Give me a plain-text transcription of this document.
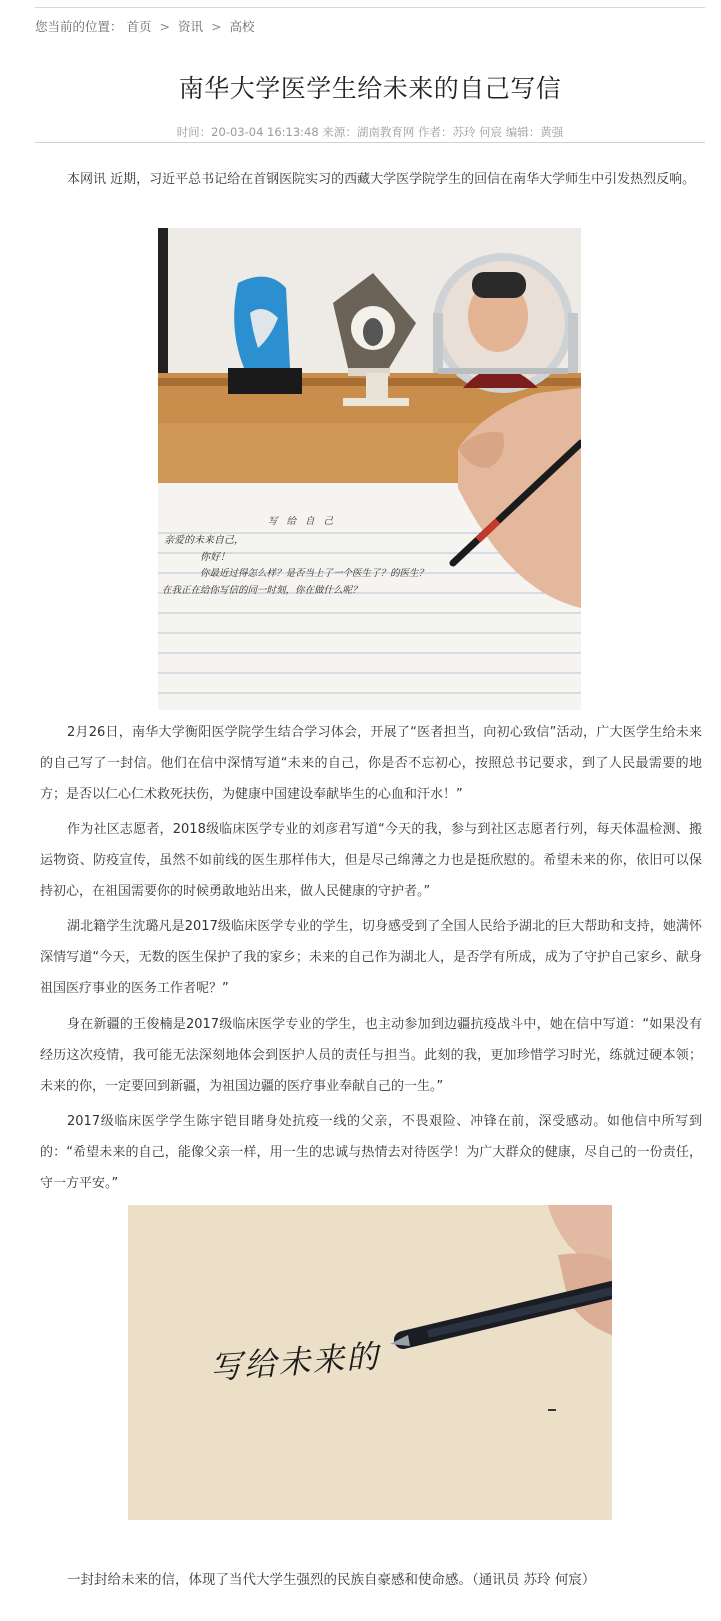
您当前的位置： 首页 > 资讯 > 高校
南华大学医学生给未来的自己写信
时间：20-03-04 16:13:48 来源：湖南教育网 作者：苏玲 何宸 编辑：黄强

本网讯 近期，习近平总书记给在首钢医院实习的西藏大学医学院学生的回信在南华大学师生中引发热烈反响。

写 给 自 己
亲爱的未来自己，
你好！
你最近过得怎么样？是否当上了一个医生了？的医生？
在我正在给你写信的同一时刻，你在做什么呢？

2月26日，南华大学衡阳医学院学生结合学习体会，开展了“医者担当，向初心致信”活动，广大医学生给未来的自己写了一封信。他们在信中深情写道“未来的自己，你是否不忘初心，按照总书记要求，到了人民最需要的地方；是否以仁心仁术救死扶伤，为健康中国建设奉献毕生的心血和汗水！”

作为社区志愿者，2018级临床医学专业的刘彦君写道“今天的我，参与到社区志愿者行列，每天体温检测、搬运物资、防疫宣传，虽然不如前线的医生那样伟大，但是尽己绵薄之力也是挺欣慰的。希望未来的你，依旧可以保持初心，在祖国需要你的时候勇敢地站出来，做人民健康的守护者。”

湖北籍学生沈璐凡是2017级临床医学专业的学生，切身感受到了全国人民给予湖北的巨大帮助和支持，她满怀深情写道“今天，无数的医生保护了我的家乡；未来的自己作为湖北人，是否学有所成，成为了守护自己家乡、献身祖国医疗事业的医务工作者呢？”

身在新疆的王俊楠是2017级临床医学专业的学生，也主动参加到边疆抗疫战斗中，她在信中写道：“如果没有经历这次疫情，我可能无法深刻地体会到医护人员的责任与担当。此刻的我，更加珍惜学习时光，练就过硬本领；未来的你，一定要回到新疆，为祖国边疆的医疗事业奉献自己的一生。”

2017级临床医学学生陈宇铠目睹身处抗疫一线的父亲，不畏艰险、冲锋在前，深受感动。如他信中所写到的：“希望未来的自己，能像父亲一样，用一生的忠诚与热情去对待医学！为广大群众的健康，尽自己的一份责任，守一方平安。”

写给未来的

一封封给未来的信，体现了当代大学生强烈的民族自豪感和使命感。（通讯员 苏玲 何宸）
